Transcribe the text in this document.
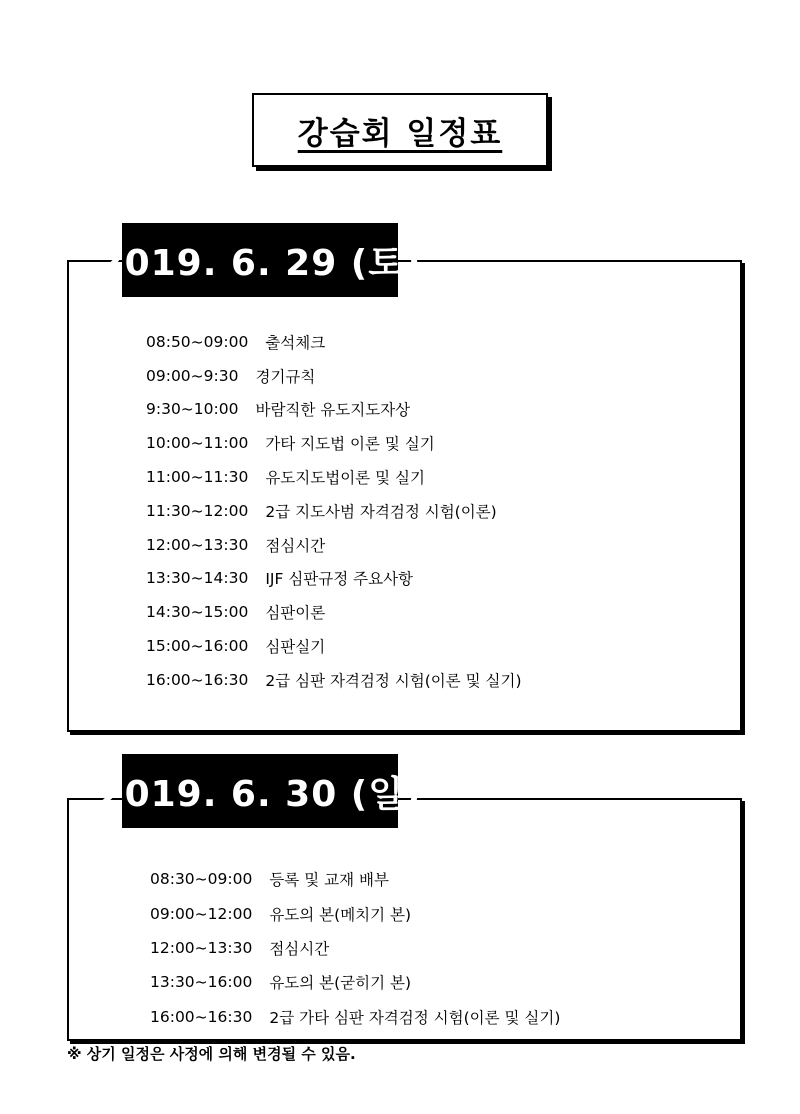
강습회 일정표
2019. 6. 29 (토)
08:50~09:00 출석체크
09:00~9:30 경기규칙
9:30~10:00 바람직한 유도지도자상
10:00~11:00 가타 지도법 이론 및 실기
11:00~11:30 유도지도법이론 및 실기
11:30~12:00 2급 지도사범 자격검정 시험(이론)
12:00~13:30 점심시간
13:30~14:30 IJF 심판규정 주요사항
14:30~15:00 심판이론
15:00~16:00 심판실기
16:00~16:30 2급 심판 자격검정 시험(이론 및 실기)
2019. 6. 30 (일)
08:30~09:00 등록 및 교재 배부
09:00~12:00 유도의 본(메치기 본)
12:00~13:30 점심시간
13:30~16:00 유도의 본(굳히기 본)
16:00~16:30 2급 가타 심판 자격검정 시험(이론 및 실기)
※ 상기 일정은 사정에 의해 변경될 수 있음.
